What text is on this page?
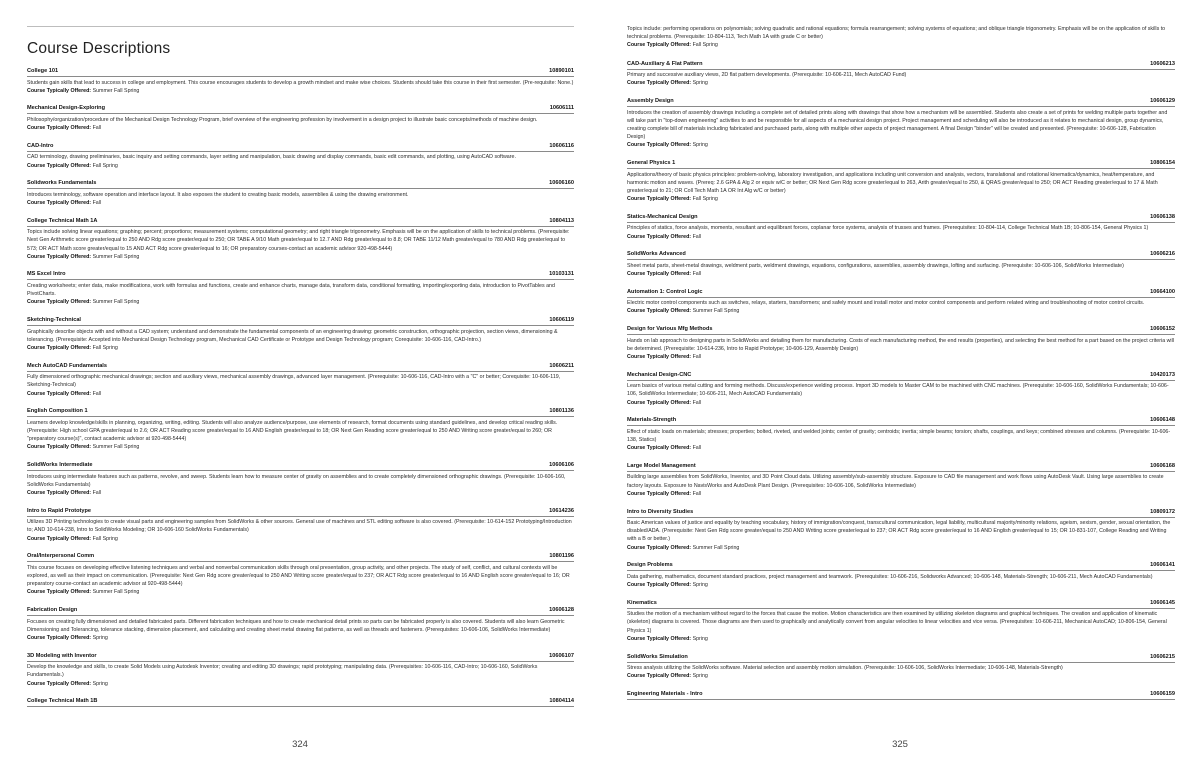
Course Descriptions
College 101	10890101
Students gain skills that lead to success in college and employment. This course encourages students to develop a growth mindset and make wise choices. Students should take this course in their first semester. (Pre-requisite: None.)
Course Typically Offered: Summer Fall Spring
Mechanical Design-Exploring	10606111
Philosophy/organization/procedure of the Mechanical Design Technology Program, brief overview of the engineering profession by involvement in a design project to illustrate basic concepts/methods of machine design.
Course Typically Offered: Fall
CAD-Intro	10606116
CAD terminology, drawing preliminaries, basic inquiry and setting commands, layer setting and manipulation, basic drawing and display commands, basic edit commands, and plotting, using AutoCAD software.
Course Typically Offered: Fall Spring
Solidworks Fundamentals	10606160
Introduces terminology, software operation and interface layout. It also exposes the student to creating basic models, assemblies & using the drawing environment.
Course Typically Offered: Fall
College Technical Math 1A	10804113
Topics include solving linear equations; graphing; percent; proportions; measurement systems; computational geometry; and right triangle trigonometry. Emphasis will be on the application of skills to technical problems. (Prerequisite: Next Gen Arithmetic score greater/equal to 250 AND Rdg score greater/equal to 250; OR TABE A 9/10 Math greater/equal to 12.7 AND Rdg greater/equal to 8.8; OR TABE 11/12 Math greater/equal to 780 AND Rdg greater/equal to 573; OR ACT Math score greater/equal to 15 AND ACT Rdg score greater/equal to 16; OR preparatory courses-contact an academic advisor 920-498-5444)
Course Typically Offered: Summer Fall Spring
MS Excel Intro	10103131
Creating worksheets; enter data, make modifications, work with formulas and functions, create and enhance charts, manage data, transform data, conditional formatting, importing/exporting data, introduction to PivotTables and PivotCharts.
Course Typically Offered: Summer Fall Spring
Sketching-Technical	10606119
Graphically describe objects with and without a CAD system; understand and demonstrate the fundamental components of an engineering drawing: geometric construction, orthographic projection, section views, dimensioning & tolerancing. (Prerequisite: Accepted into Mechanical Design Technology program, Mechanical CAD Certificate or Prototype and Design Technology program; Corequisite: 10-606-116, CAD-Intro.)
Course Typically Offered: Fall Spring
Mech AutoCAD Fundamentals	10606211
Fully dimensioned orthographic mechanical drawings; section and auxiliary views, mechanical assembly drawings, advanced layer management. (Prerequisite: 10-606-116, CAD-Intro with a "C" or better; Corequisite: 10-606-119, Sketching-Technical)
Course Typically Offered: Fall
English Composition 1	10801136
Learners develop knowledge/skills in planning, organizing, writing, editing. Students will also analyze audience/purpose, use elements of research, format documents using standard guidelines, and develop critical reading skills. (Prerequisite: High school GPA greater/equal to 2.6; OR ACT Reading score greater/equal to 16 AND English greater/equal to 18; OR Next Gen Reading score greater/equal to 250 AND Writing score greater/equal to 260; OR "preparatory course(s)", contact academic advisor at 920-498-5444)
Course Typically Offered: Summer Fall Spring
SolidWorks Intermediate	10606106
Introduces using intermediate features such as patterns, revolve, and sweep. Students learn how to measure center of gravity on assemblies and to create completely dimensioned orthographic drawings. (Prerequisite: 10-606-160, SolidWorks Fundamentals)
Course Typically Offered: Fall
Intro to Rapid Prototype	10614236
Utilizes 3D Printing technologies to create visual parts and engineering samples from SolidWorks & other sources. General use of machines and STL editing software is also covered. (Prerequisite: 10-614-152 Prototyping/Introduction to; AND 10-614-238, Intro to SolidWorks Modeling; OR 10-606-160 SolidWorks Fundamentals)
Course Typically Offered: Fall Spring
Oral/Interpersonal Comm	10801196
This course focuses on developing effective listening techniques and verbal and nonverbal communication skills through oral presentation, group activity, and other projects. The study of self, conflict, and cultural contexts will be explored, as well as their impact on communication. (Prerequisite: Next Gen Rdg score greater/equal to 250 AND Writing score greater/equal to 237; OR ACT Rdg score greater/equal to 16 AND English score greater/equal to 16; OR preparatory course-contact an academic advisor at 920-498-5444)
Course Typically Offered: Summer Fall Spring
Fabrication Design	10606128
Focuses on creating fully dimensioned and detailed fabricated parts. Different fabrication techniques and how to create mechanical detail prints so parts can be fabricated properly is also covered. Students will also learn Geometric Dimensioning and Tolerancing, tolerance stacking, dimension placement, and calculating and creating sheet metal drawing flat patterns, as well as threads and fasteners. (Prerequisites: 10-606-106, SolidWorks Intermediate)
Course Typically Offered: Spring
3D Modeling with Inventor	10606107
Develop the knowledge and skills, to create Solid Models using Autodesk Inventor; creating and editing 3D drawings; rapid prototyping; manipulating data. (Prerequisites: 10-606-116, CAD-Intro; 10-606-160, SolidWorks Fundamentals.)
Course Typically Offered: Spring
College Technical Math 1B	10804114
Topics include: performing operations on polynomials; solving quadratic and rational equations; formula rearrangement; solving systems of equations; and oblique triangle trigonometry. Emphasis will be on the application of skills to technical problems. (Prerequisite: 10-804-113, Tech Math 1A with grade C or better)
Course Typically Offered: Fall Spring
CAD-Auxiliary & Flat Pattern	10606213
Primary and successive auxiliary views, 2D flat pattern developments. (Prerequisite: 10-606-211, Mech AutoCAD Fund)
Course Typically Offered: Spring
Assembly Design	10606129
Introduces the creation of assembly drawings including a complete set of detailed prints along with drawings that show how a mechanism will be assembled. Students also create a set of prints for welding multiple parts together and will take part in "top-down engineering" activities to and be responsible for all aspects of a mechanical design project. Project management and scheduling will also be introduced as it relates to mechanical design, group dynamics, creating complete bill of materials including fabricated and purchased parts, along with multiple other aspects of project management. A final Design "binder" will be created and presented. (Prerequisite: 10-606-128, Fabrication Design)
Course Typically Offered: Spring
General Physics 1	10806154
Applications/theory of basic physics principles: problem-solving, laboratory investigation, and applications including unit conversion and analysis, vectors, translational and rotational kinematics/dynamics, heat/temperature, and harmonic motion and waves. (Prereq: 2.6 GPA & Alg 2 or equiv w/C or better; OR Next Gen Rdg score greater/equal to 263, Arith greater/equal to 250, & QRAS greater/equal to 250; OR ACT Reading greater/equal to 17 & Math greater/equal to 21; OR Coll Tech Math 1A OR Int Alg w/C or better)
Course Typically Offered: Fall Spring
Statics-Mechanical Design	10606138
Principles of statics, force analysis, moments, resultant and equilibrant forces, coplanar force systems, analysis of trusses and frames. (Prerequisites: 10-804-114, College Technical Math 1B; 10-806-154, General Physics 1)
Course Typically Offered: Fall
SolidWorks Advanced	10606216
Sheet metal parts, sheet-metal drawings, weldment parts, weldment drawings, equations, configurations, assemblies, assembly drawings, lofting and surfacing. (Prerequisite: 10-606-106, SolidWorks Intermediate)
Course Typically Offered: Fall
Automation 1: Control Logic	10664100
Electric motor control components such as switches, relays, starters, transformers; and safely mount and install motor and motor control components and perform related wiring and troubleshooting of motor control circuits.
Course Typically Offered: Summer Fall Spring
Design for Various Mfg Methods	10606152
Hands on lab approach to designing parts in SolidWorks and detailing them for manufacturing. Costs of each manufacturing method, the end results (properties), and selecting the best method for a part based on the project criteria will be determined. (Prerequisite: 10-614-236, Intro to Rapid Prototype; 10-606-129, Assembly Design)
Course Typically Offered: Fall
Mechanical Design-CNC	10420173
Learn basics of various metal cutting and forming methods. Discuss/experience welding process. Import 3D models to Master CAM to be machined with CNC machines. (Prerequisite: 10-606-160, SolidWorks Fundamentals; 10-606-106, SolidWorks Intermediate; 10-606-211, Mech AutoCAD Fundamentals)
Course Typically Offered: Fall
Materials-Strength	10606148
Effect of static loads on materials; stresses; properties; bolted, riveted, and welded joints; center of gravity; centroids; inertia; simple beams; torsion; shafts, couplings, and keys; combined stresses and columns. (Prerequisite: 10-606-138, Statics)
Course Typically Offered: Fall
Large Model Management	10606168
Building large assemblies from SolidWorks, Inventor, and 3D Point Cloud data. Utilizing assembly/sub-assembly structure. Exposure to CAD file management and work flows using AutoDesk Vault. Using large assemblies to create factory layouts. Exposure to NavisWorks and AutoDesk Plant Design. (Prerequisites: 10-606-106, SolidWorks Intermediate)
Course Typically Offered: Fall
Intro to Diversity Studies	10809172
Basic American values of justice and equality by teaching vocabulary, history of immigration/conquest, transcultural communication, legal liability, multicultural majority/minority relations, ageism, sexism, gender, sexual orientation, the disabled/ADA. (Prerequisite: Next Gen Rdg score greater/equal to 250 AND Writing score greater/equal to 237; OR ACT Rdg score greater/equal to 16 AND English greater/equal to 15; OR 10-831-107, College Reading and Writing with a B or better.)
Course Typically Offered: Summer Fall Spring
Design Problems	10606141
Data gathering, mathematics, document standard practices, project management and teamwork. (Prerequisites: 10-606-216, Solidworks Advanced; 10-606-148, Materials-Strength; 10-606-211, Mech AutoCAD Fundamentals)
Course Typically Offered: Spring
Kinematics	10606145
Studies the motion of a mechanism without regard to the forces that cause the motion. Motion characteristics are then examined by utilizing skeleton diagrams and graphical techniques. The creation and application of kinematic (skeleton) diagrams is covered. Those diagrams are then used to graphically and analytically convert from angular velocities to linear velocities and vice versa. (Prerequisites: 10-606-211, Mechanical AutoCAD; 10-806-154, General Physics 1)
Course Typically Offered: Spring
SolidWorks Simulation	10606215
Stress analysis utilizing the SolidWorks software. Material selection and assembly motion simulation. (Prerequisite: 10-606-106, SolidWorks Intermediate; 10-606-148, Materials-Strength)
Course Typically Offered: Spring
Engineering Materials - Intro	10606159
324	325
